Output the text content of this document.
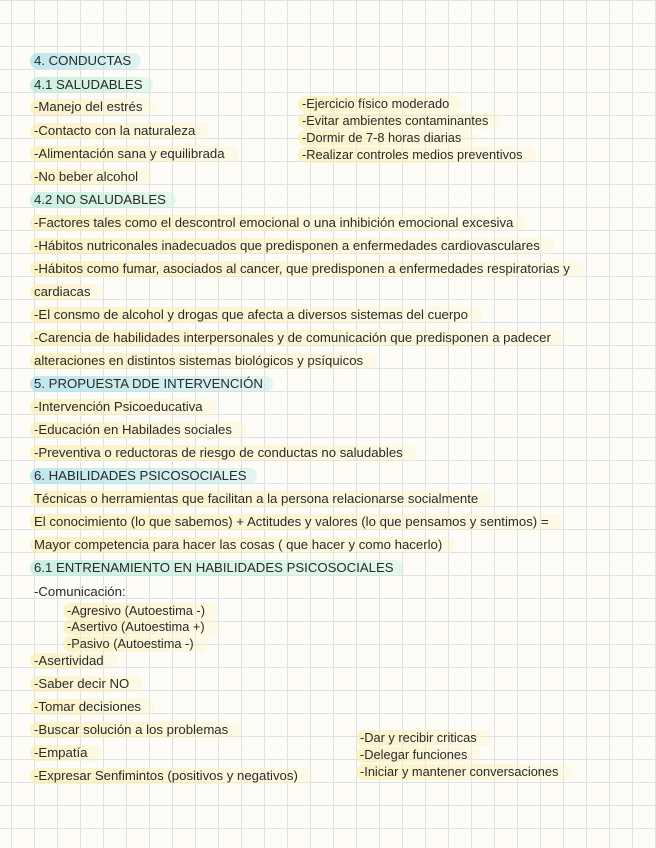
4. CONDUCTAS

4.1 SALUDABLES

-Manejo del estrés

-Contacto con la naturaleza

-Alimentación sana y equilibrada

-No beber alcohol

-Ejercicio físico moderado

-Evitar ambientes contaminantes

-Dormir de 7-8 horas diarias

-Realizar controles medios preventivos

4.2 NO SALUDABLES

-Factores tales como el descontrol emocional o una inhibición emocional excesiva

-Hábitos nutriconales inadecuados que predisponen a enfermedades cardiovasculares

-Hábitos como fumar, asociados al cancer, que predisponen a enfermedades respiratorias y

cardiacas

-El consmo de alcohol y drogas que afecta a diversos sistemas del cuerpo

-Carencia de habilidades interpersonales y de comunicación que predisponen a padecer

alteraciones en distintos sistemas biológicos y psíquicos

5. PROPUESTA DDE INTERVENCIÓN

-Intervención Psicoeducativa

-Educación en Habilades sociales

-Preventiva o reductoras de riesgo de conductas no saludables

6. HABILIDADES PSICOSOCIALES

Técnicas o herramientas que facilitan a la persona relacionarse socialmente

El conocimiento (lo que sabemos) + Actitudes y valores (lo que pensamos y sentimos) =

Mayor competencia para hacer las cosas ( que hacer y como hacerlo)

6.1 ENTRENAMIENTO EN HABILIDADES PSICOSOCIALES

-Comunicación:

-Agresivo (Autoestima -)

-Asertivo (Autoestima +)

-Pasivo (Autoestima -)

-Asertividad

-Saber decir NO

-Tomar decisiones

-Buscar solución a los problemas

-Empatía

-Expresar Senfimintos (positivos y negativos)

-Dar y recibir criticas

-Delegar funciones

-Iniciar y mantener conversaciones
